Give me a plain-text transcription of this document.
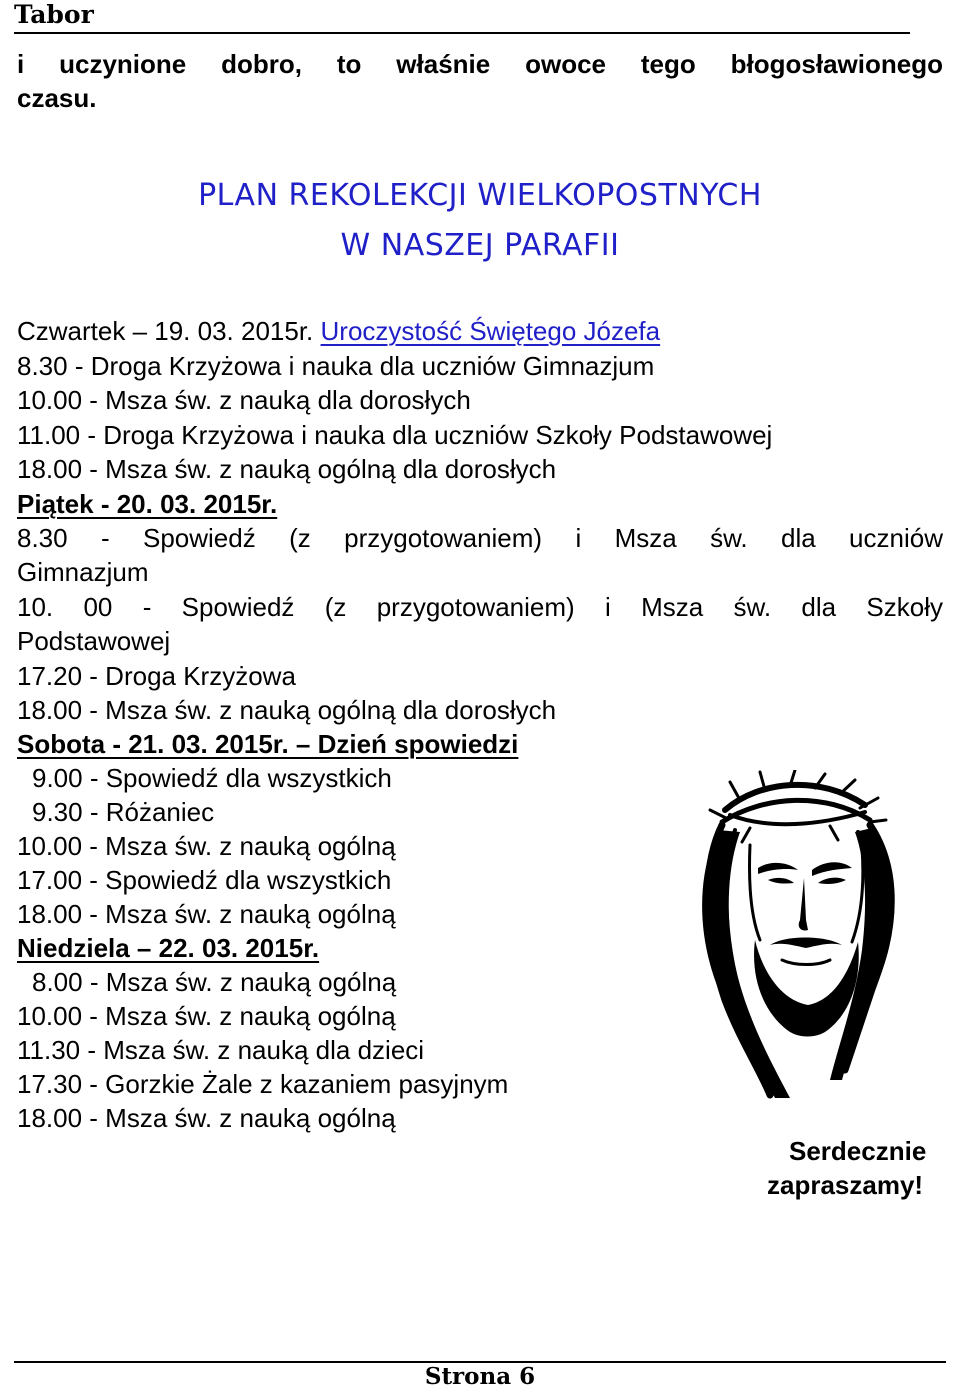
Tabor
i uczynione dobro, to właśnie owoce tego błogosławionego
czasu.
PLAN REKOLEKCJI WIELKOPOSTNYCH
W NASZEJ PARAFII
Czwartek – 19. 03. 2015r. Uroczystość Świętego Józefa
8.30 - Droga Krzyżowa i nauka dla uczniów Gimnazjum
10.00 - Msza św. z nauką dla dorosłych
11.00 - Droga Krzyżowa i nauka dla uczniów Szkoły Podstawowej
18.00 - Msza św. z nauką ogólną dla dorosłych
Piątek - 20. 03. 2015r.
8.30 - Spowiedź (z przygotowaniem) i Msza św. dla uczniów
Gimnazjum
10. 00 - Spowiedź (z przygotowaniem) i Msza św. dla Szkoły
Podstawowej
17.20 - Droga Krzyżowa
18.00 - Msza św. z nauką ogólną dla dorosłych
Sobota - 21. 03. 2015r. – Dzień spowiedzi
9.00 - Spowiedź dla wszystkich
9.30 - Różaniec
10.00 - Msza św. z nauką ogólną
17.00 - Spowiedź dla wszystkich
18.00 - Msza św. z nauką ogólną
Niedziela – 22. 03. 2015r.
8.00 - Msza św. z nauką ogólną
10.00 - Msza św. z nauką ogólną
11.30 - Msza św. z nauką dla dzieci
17.30 - Gorzkie Żale z kazaniem pasyjnym
18.00 - Msza św. z nauką ogólną
Serdecznie
zapraszamy!
Strona 6
